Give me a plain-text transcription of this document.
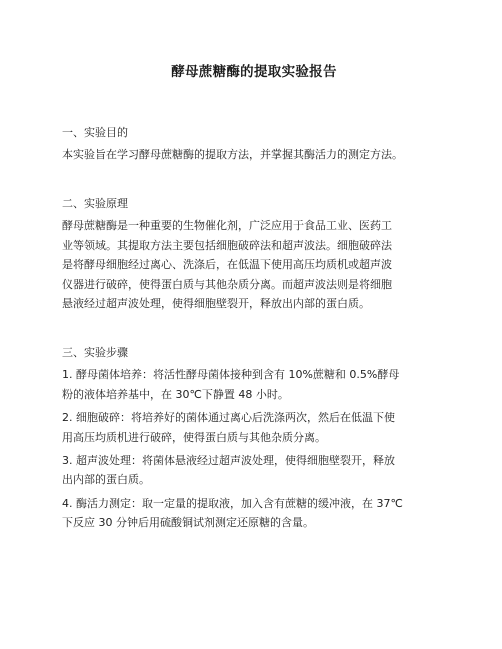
酵母蔗糖酶的提取实验报告
一、实验目的

本实验旨在学习酵母蔗糖酶的提取方法，并掌握其酶活力的测定方法。

二、实验原理

酵母蔗糖酶是一种重要的生物催化剂，广泛应用于食品工业、医药工
业等领域。其提取方法主要包括细胞破碎法和超声波法。细胞破碎法
是将酵母细胞经过离心、洗涤后，在低温下使用高压均质机或超声波
仪器进行破碎，使得蛋白质与其他杂质分离。而超声波法则是将细胞
悬液经过超声波处理，使得细胞壁裂开，释放出内部的蛋白质。

三、实验步骤
1. 酵母菌体培养：将活性酵母菌体接种到含有 10%蔗糖和 0.5%酵母
粉的液体培养基中，在 30℃下静置 48 小时。
2. 细胞破碎：将培养好的菌体通过离心后洗涤两次，然后在低温下使
用高压均质机进行破碎，使得蛋白质与其他杂质分离。
3. 超声波处理：将菌体悬液经过超声波处理，使得细胞壁裂开，释放
出内部的蛋白质。
4. 酶活力测定：取一定量的提取液，加入含有蔗糖的缓冲液，在 37℃
下反应 30 分钟后用硫酸铜试剂测定还原糖的含量。
